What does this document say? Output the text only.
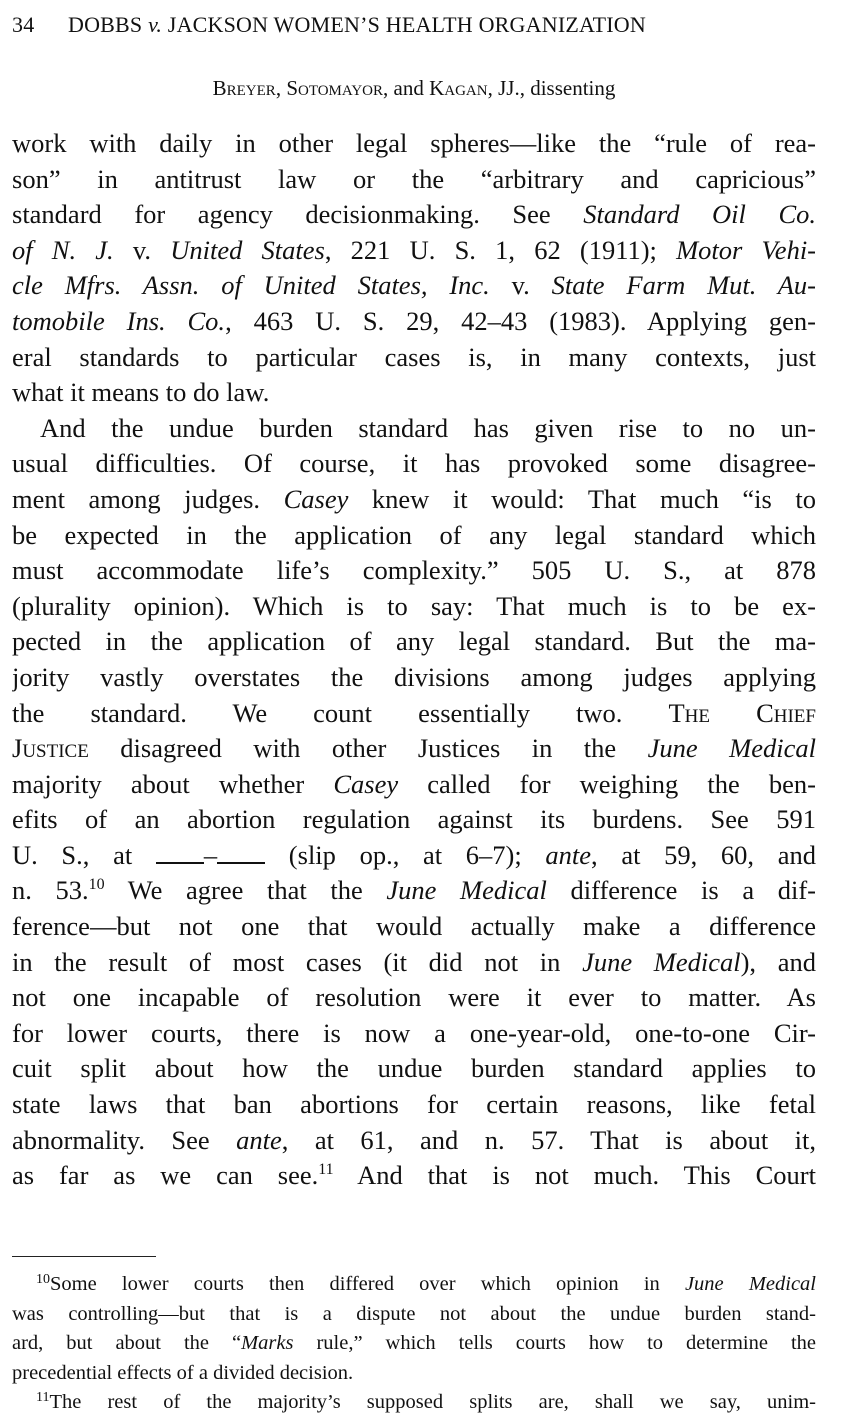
34 DOBBS v. JACKSON WOMEN’S HEALTH ORGANIZATION
Breyer, Sotomayor, and Kagan, JJ., dissenting
work with daily in other legal spheres—like the “rule of rea-
son” in antitrust law or the “arbitrary and capricious”
standard for agency decisionmaking. See Standard Oil Co.
of N. J. v. United States, 221 U. S. 1, 62 (1911); Motor Vehi-
cle Mfrs. Assn. of United States, Inc. v. State Farm Mut. Au-
tomobile Ins. Co., 463 U. S. 29, 42–43 (1983). Applying gen-
eral standards to particular cases is, in many contexts, just
what it means to do law.
And the undue burden standard has given rise to no un-
usual difficulties. Of course, it has provoked some disagree-
ment among judges. Casey knew it would: That much “is to
be expected in the application of any legal standard which
must accommodate life’s complexity.” 505 U. S., at 878
(plurality opinion). Which is to say: That much is to be ex-
pected in the application of any legal standard. But the ma-
jority vastly overstates the divisions among judges applying
the standard. We count essentially two. The Chief
Justice disagreed with other Justices in the June Medical
majority about whether Casey called for weighing the ben-
efits of an abortion regulation against its burdens. See 591
U. S., at – (slip op., at 6–7); ante, at 59, 60, and
n. 53.10 We agree that the June Medical difference is a dif-
ference—but not one that would actually make a difference
in the result of most cases (it did not in June Medical), and
not one incapable of resolution were it ever to matter. As
for lower courts, there is now a one-year-old, one-to-one Cir-
cuit split about how the undue burden standard applies to
state laws that ban abortions for certain reasons, like fetal
abnormality. See ante, at 61, and n. 57. That is about it,
as far as we can see.$^{11}$ And that is not much. This Court
$^{10}$Some lower courts then differed over which opinion in June Medical
was controlling—but that is a dispute not about the undue burden stand-
ard, but about the “Marks rule,” which tells courts how to determine the
precedential effects of a divided decision.
$^{11}$The rest of the majority’s supposed splits are, shall we say, unim-
